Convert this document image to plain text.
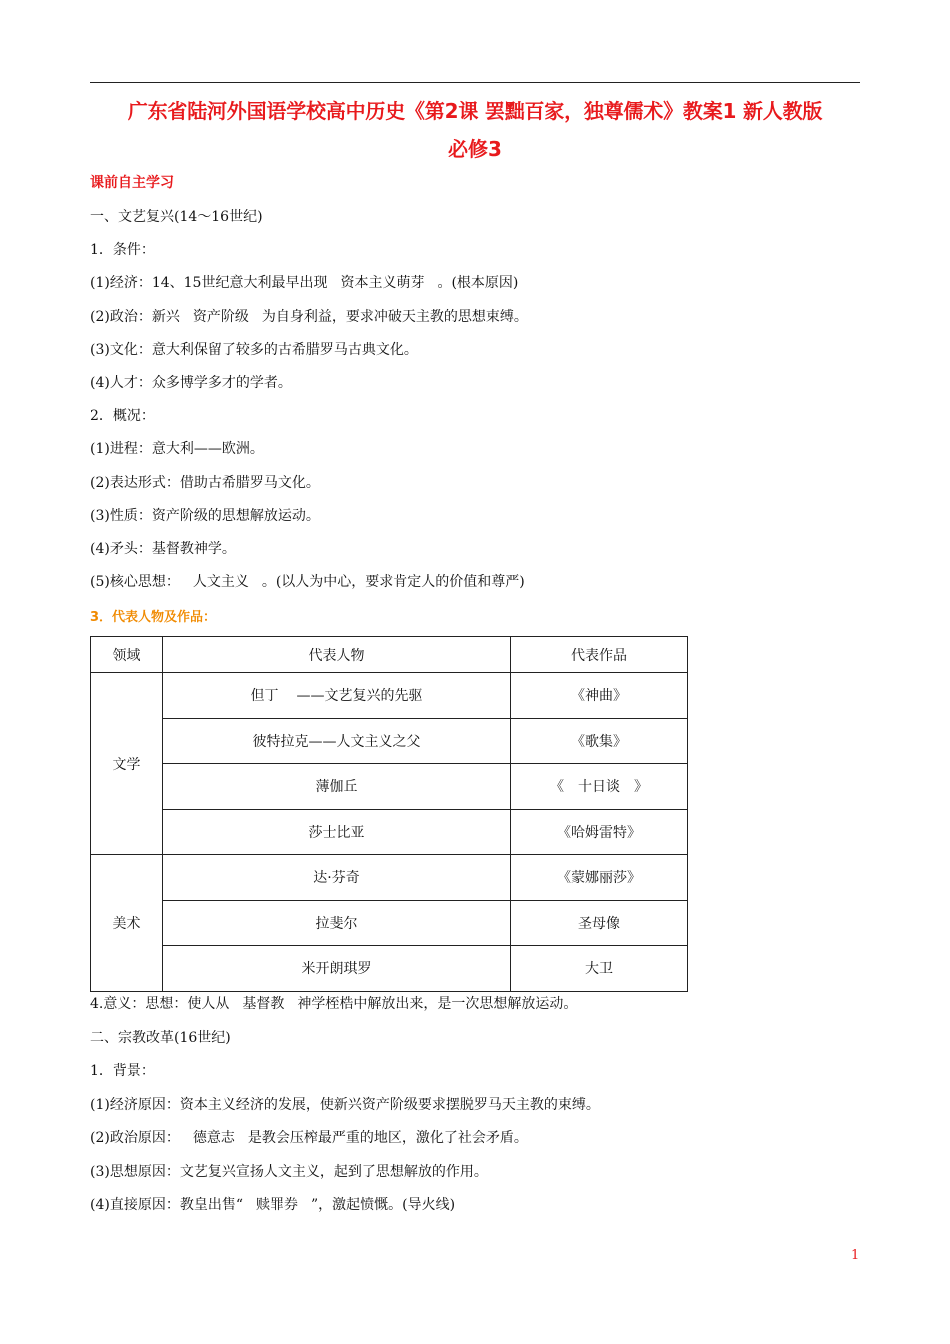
广东省陆河外国语学校高中历史《第2课 罢黜百家，独尊儒术》教案1 新人教版
必修3
课前自主学习
一、文艺复兴(14～16世纪)
1．条件：
(1)经济：14、15世纪意大利最早出现 资本主义萌芽 。(根本原因)
(2)政治：新兴 资产阶级 为自身利益，要求冲破天主教的思想束缚。
(3)文化：意大利保留了较多的古希腊罗马古典文化。
(4)人才：众多博学多才的学者。
2．概况：
(1)进程：意大利——欧洲。
(2)表达形式：借助古希腊罗马文化。
(3)性质：资产阶级的思想解放运动。
(4)矛头：基督教神学。
(5)核心思想： 人文主义 。(以人为中心，要求肯定人的价值和尊严)
3．代表人物及作品：
领域	代表人物	代表作品
文学	但丁 ——文艺复兴的先驱	《神曲》
	彼特拉克——人文主义之父	《歌集》
	薄伽丘	《　十日谈　》
	莎士比亚	《哈姆雷特》
美术	达·芬奇	《蒙娜丽莎》
	拉斐尔	圣母像
	米开朗琪罗	大卫
4.意义：思想：使人从 基督教 神学桎梏中解放出来，是一次思想解放运动。
二、宗教改革(16世纪)
1．背景：
(1)经济原因：资本主义经济的发展，使新兴资产阶级要求摆脱罗马天主教的束缚。
(2)政治原因： 德意志 是教会压榨最严重的地区，激化了社会矛盾。
(3)思想原因：文艺复兴宣扬人文主义，起到了思想解放的作用。
(4)直接原因：教皇出售“ 赎罪券 ”，激起愤慨。(导火线)
1
